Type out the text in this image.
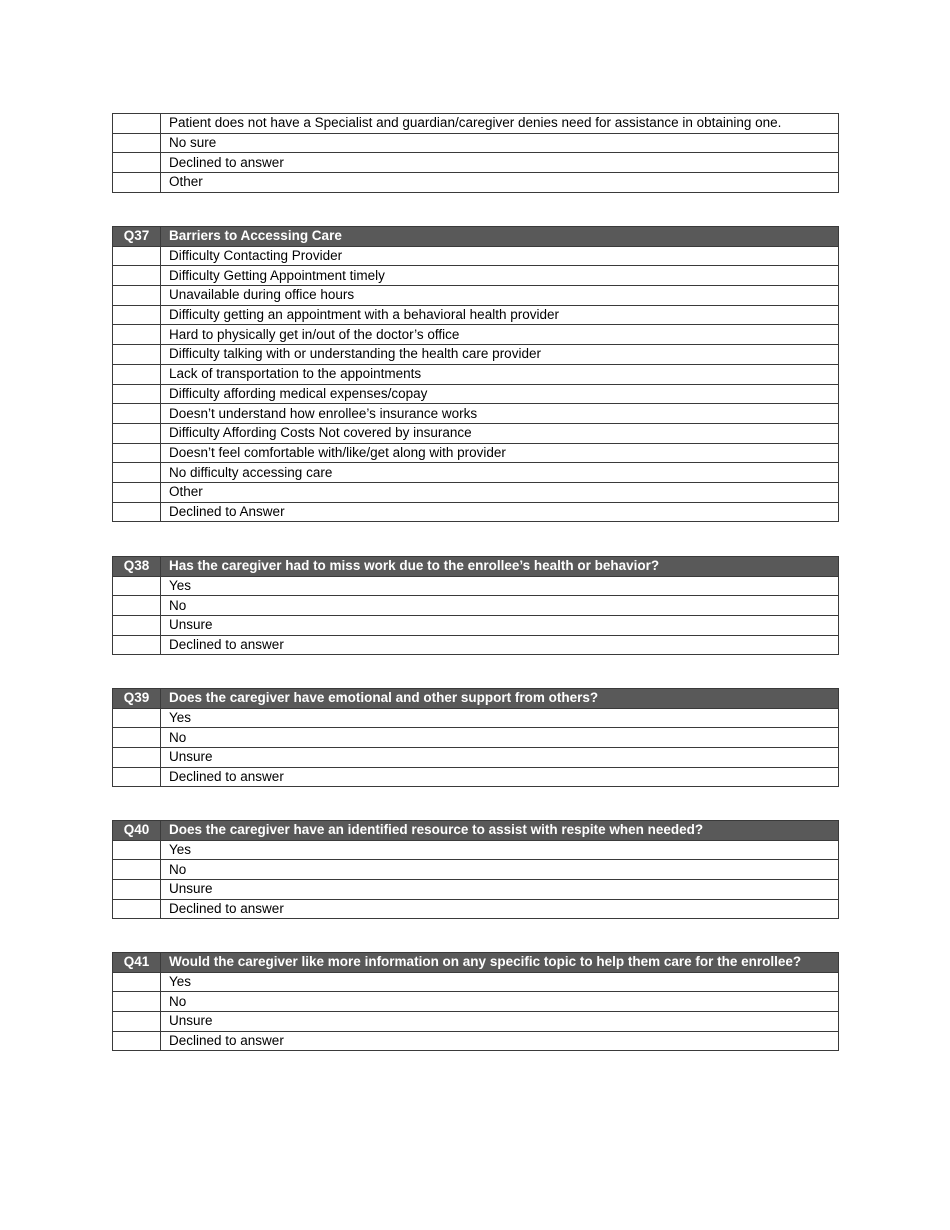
	Patient does not have a Specialist and guardian/caregiver denies need for assistance in obtaining one.
	No sure
	Declined to answer
	Other
Q37	Barriers to Accessing Care
	Difficulty Contacting Provider
	Difficulty Getting Appointment timely
	Unavailable during office hours
	Difficulty getting an appointment with a behavioral health provider
	Hard to physically get in/out of the doctor’s office
	Difficulty talking with or understanding the health care provider
	Lack of transportation to the appointments
	Difficulty affording medical expenses/copay
	Doesn’t understand how enrollee’s insurance works
	Difficulty Affording Costs Not covered by insurance
	Doesn’t feel comfortable with/like/get along with provider
	No difficulty accessing care
	Other
	Declined to Answer
Q38	Has the caregiver had to miss work due to the enrollee’s health or behavior?
	Yes
	No
	Unsure
	Declined to answer
Q39	Does the caregiver have emotional and other support from others?
	Yes
	No
	Unsure
	Declined to answer
Q40	Does the caregiver have an identified resource to assist with respite when needed?
	Yes
	No
	Unsure
	Declined to answer
Q41	Would the caregiver like more information on any specific topic to help them care for the enrollee?
	Yes
	No
	Unsure
	Declined to answer
